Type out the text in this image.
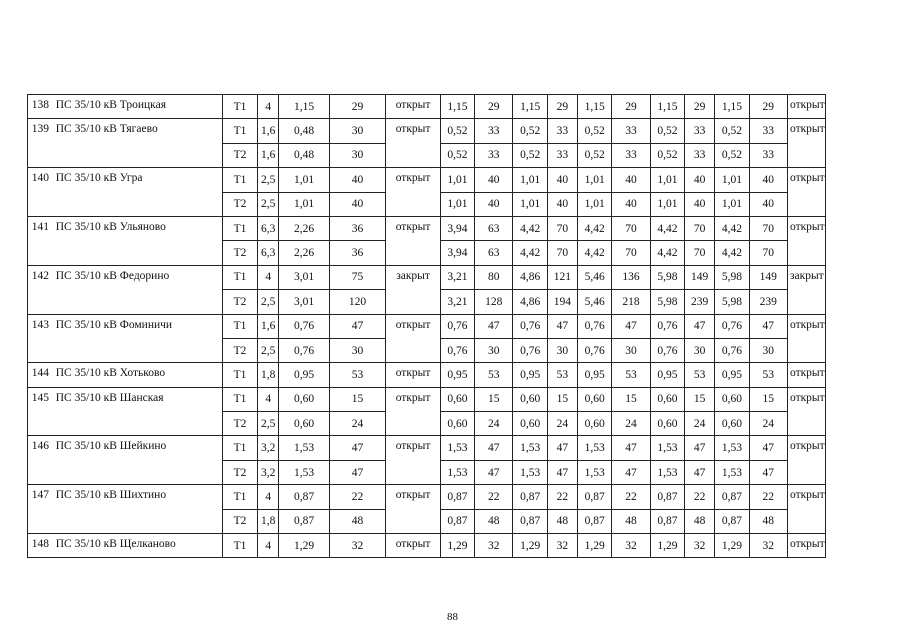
138	ПС 35/10 кВ Троицкая	Т1	4	1,15	29	открыт	1,15	29	1,15	29	1,15	29	1,15	29	1,15	29	открыт
139	ПС 35/10 кВ Тягаево	Т1	1,6	0,48	30	открыт	0,52	33	0,52	33	0,52	33	0,52	33	0,52	33	открыт
		Т2	1,6	0,48	30		0,52	33	0,52	33	0,52	33	0,52	33	0,52	33	
140	ПС 35/10 кВ Угра	Т1	2,5	1,01	40	открыт	1,01	40	1,01	40	1,01	40	1,01	40	1,01	40	открыт
		Т2	2,5	1,01	40		1,01	40	1,01	40	1,01	40	1,01	40	1,01	40	
141	ПС 35/10 кВ Ульяново	Т1	6,3	2,26	36	открыт	3,94	63	4,42	70	4,42	70	4,42	70	4,42	70	открыт
		Т2	6,3	2,26	36		3,94	63	4,42	70	4,42	70	4,42	70	4,42	70	
142	ПС 35/10 кВ Федорино	Т1	4	3,01	75	закрыт	3,21	80	4,86	121	5,46	136	5,98	149	5,98	149	закрыт
		Т2	2,5	3,01	120		3,21	128	4,86	194	5,46	218	5,98	239	5,98	239	
143	ПС 35/10 кВ Фоминичи	Т1	1,6	0,76	47	открыт	0,76	47	0,76	47	0,76	47	0,76	47	0,76	47	открыт
		Т2	2,5	0,76	30		0,76	30	0,76	30	0,76	30	0,76	30	0,76	30	
144	ПС 35/10 кВ Хотьково	Т1	1,8	0,95	53	открыт	0,95	53	0,95	53	0,95	53	0,95	53	0,95	53	открыт
145	ПС 35/10 кВ Шанская	Т1	4	0,60	15	открыт	0,60	15	0,60	15	0,60	15	0,60	15	0,60	15	открыт
		Т2	2,5	0,60	24		0,60	24	0,60	24	0,60	24	0,60	24	0,60	24	
146	ПС 35/10 кВ Шейкино	Т1	3,2	1,53	47	открыт	1,53	47	1,53	47	1,53	47	1,53	47	1,53	47	открыт
		Т2	3,2	1,53	47		1,53	47	1,53	47	1,53	47	1,53	47	1,53	47	
147	ПС 35/10 кВ Шихтино	Т1	4	0,87	22	открыт	0,87	22	0,87	22	0,87	22	0,87	22	0,87	22	открыт
		Т2	1,8	0,87	48		0,87	48	0,87	48	0,87	48	0,87	48	0,87	48	
148	ПС 35/10 кВ Щелканово	Т1	4	1,29	32	открыт	1,29	32	1,29	32	1,29	32	1,29	32	1,29	32	открыт
88
